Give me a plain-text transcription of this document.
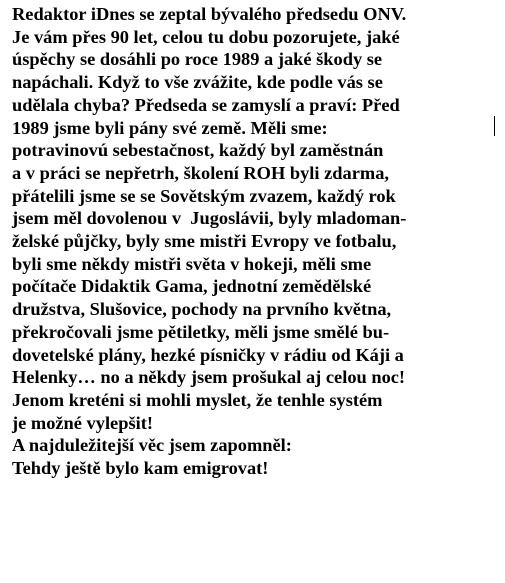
Redaktor iDnes se zeptal bývalého předsedu ONV.
Je vám přes 90 let, celou tu dobu pozorujete, jaké
úspěchy se dosáhli po roce 1989 a jaké škody se
napáchali. Když to vše zvážite, kde podle vás se
udělala chyba? Předseda se zamyslí a praví: Před
1989 jsme byli pány své země. Měli sme:
potravinovú sebestačnost, každý byl zaměstnán
a v práci se nepřetrh, školení ROH byli zdarma,
přátelili jsme se se Sovětským zvazem, každý rok
jsem měl dovolenou v  Jugoslávii, byly mladoman-
želské půjčky, byly sme mistři Evropy ve fotbalu,
byli sme někdy mistři světa v hokeji, měli sme
počítače Didaktik Gama, jednotní zemědělské
družstva, Slušovice, pochody na prvního května,
překročovali jsme pětiletky, měli jsme smělé bu-
dovetelské plány, hezké písničky v rádiu od Káji a
Helenky… no a někdy jsem prošukal aj celou noc!
Jenom kreténi si mohli myslet, že tenhle systém
je možné vylepšit!
A najduležitejší věc jsem zapomněl:
Tehdy ještě bylo kam emigrovat!
